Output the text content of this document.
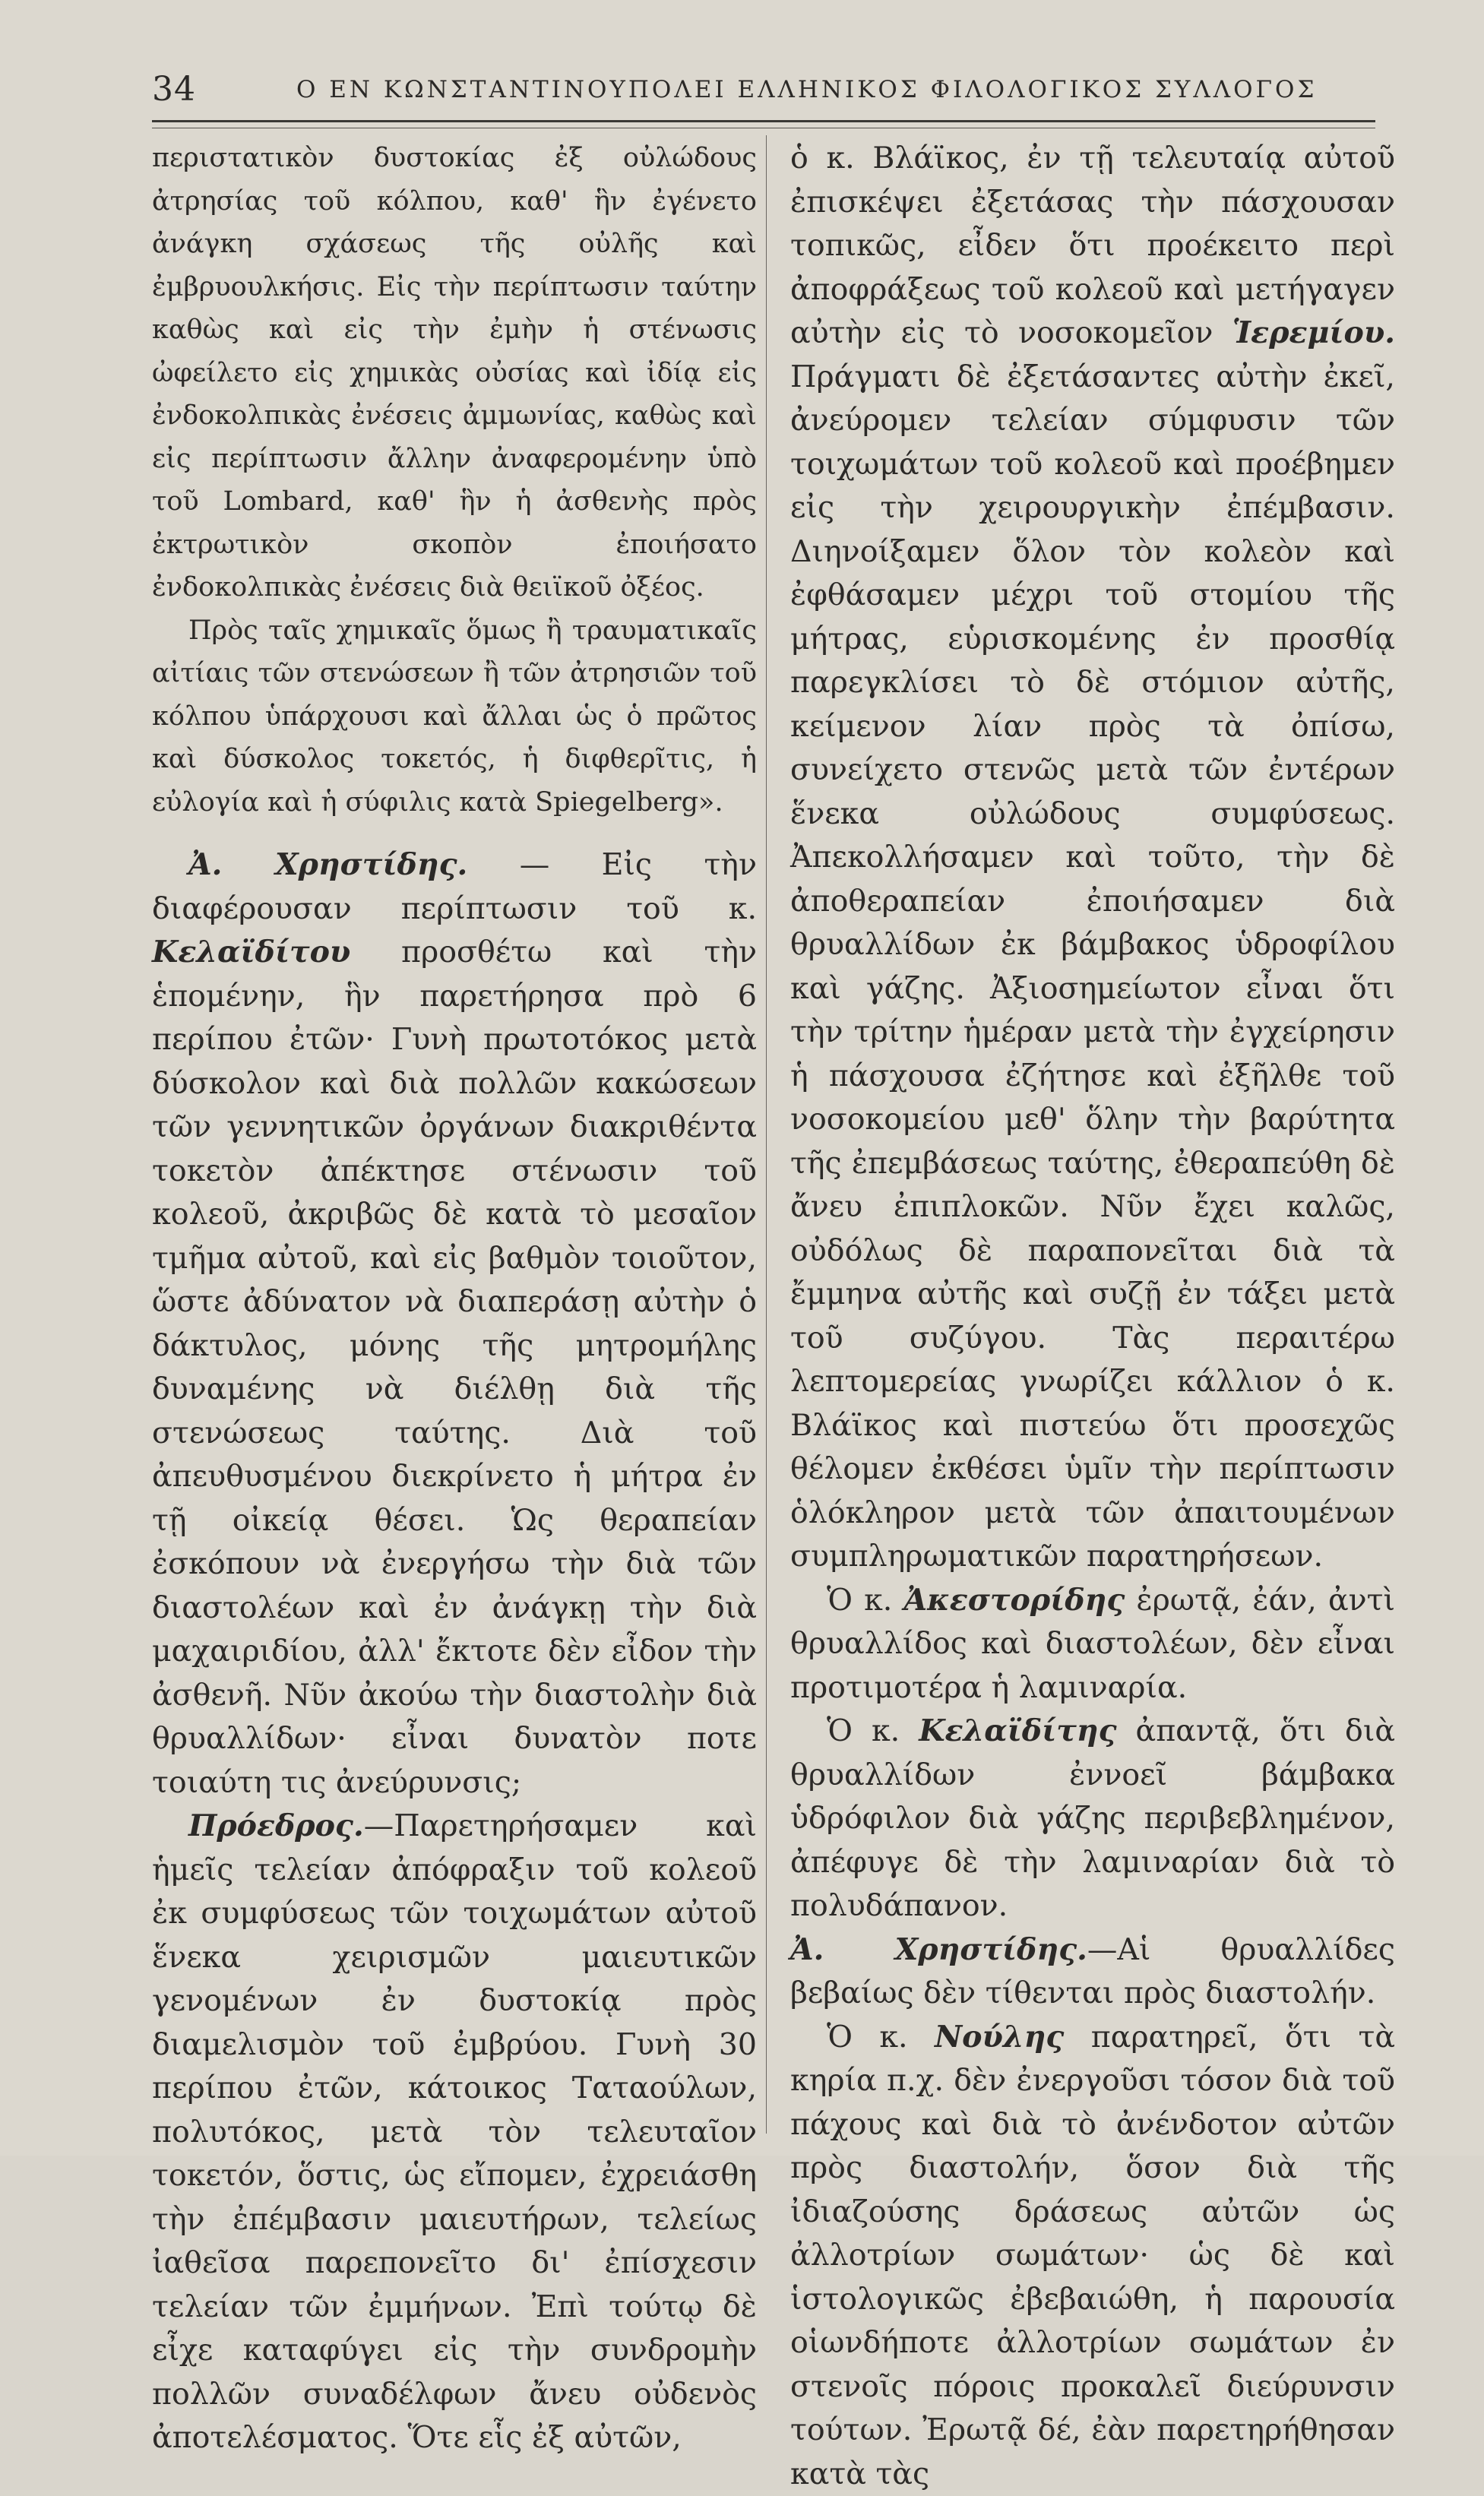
34	Ο ΕΝ ΚΩΝΣΤΑΝΤΙΝΟΥΠΟΛΕΙ ΕΛΛΗΝΙΚΟΣ ΦΙΛΟΛΟΓΙΚΟΣ ΣΥΛΛΟΓΟΣ

περιστατικὸν δυστοκίας ἐξ οὐλώδους ἀτρησίας τοῦ κόλπου, καθ' ἣν ἐγένετο ἀνάγκη σχάσεως τῆς οὐλῆς καὶ ἐμβρυουλκήσις. Εἰς τὴν περίπτωσιν ταύτην καθὼς καὶ εἰς τὴν ἐμὴν ἡ στένωσις ὠφείλετο εἰς χημικὰς οὐσίας καὶ ἰδίᾳ εἰς ἐνδοκολπικὰς ἐνέσεις ἀμμωνίας, καθὼς καὶ εἰς περίπτωσιν ἄλλην ἀναφερομένην ὑπὸ τοῦ Lombard, καθ' ἣν ἡ ἀσθενὴς πρὸς ἐκτρωτικὸν σκοπὸν ἐποιήσατο ἐνδοκολπικὰς ἐνέσεις διὰ θειϊκοῦ ὀξέος.

Πρὸς ταῖς χημικαῖς ὅμως ἢ τραυματικαῖς αἰτίαις τῶν στενώσεων ἢ τῶν ἀτρησιῶν τοῦ κόλπου ὑπάρχουσι καὶ ἄλλαι ὡς ὁ πρῶτος καὶ δύσκολος τοκετός, ἡ διφθερῖτις, ἡ εὐλογία καὶ ἡ σύφιλις κατὰ Spiegelberg».

Ἀ. Χρηστίδης. — Εἰς τὴν διαφέρουσαν περίπτωσιν τοῦ κ. Κελαϊδίτου προσθέτω καὶ τὴν ἑπομένην, ἣν παρετήρησα πρὸ 6 περίπου ἐτῶν· Γυνὴ πρωτοτόκος μετὰ δύσκολον καὶ διὰ πολλῶν κακώσεων τῶν γεννητικῶν ὀργάνων διακριθέντα τοκετὸν ἀπέκτησε στένωσιν τοῦ κολεοῦ, ἀκριβῶς δὲ κατὰ τὸ μεσαῖον τμῆμα αὐτοῦ, καὶ εἰς βαθμὸν τοιοῦτον, ὥστε ἀδύνατον νὰ διαπεράσῃ αὐτὴν ὁ δάκτυλος, μόνης τῆς μητρομήλης δυναμένης νὰ διέλθῃ διὰ τῆς στενώσεως ταύτης. Διὰ τοῦ ἀπευθυσμένου διεκρίνετο ἡ μήτρα ἐν τῇ οἰκείᾳ θέσει. Ὡς θεραπείαν ἐσκόπουν νὰ ἐνεργήσω τὴν διὰ τῶν διαστολέων καὶ ἐν ἀνάγκῃ τὴν διὰ μαχαιριδίου, ἀλλ' ἔκτοτε δὲν εἶδον τὴν ἀσθενῆ. Νῦν ἀκούω τὴν διαστολὴν διὰ θρυαλλίδων· εἶναι δυνατὸν ποτε τοιαύτη τις ἀνεύρυνσις;

Πρόεδρος.—Παρετηρήσαμεν καὶ ἡμεῖς τελείαν ἀπόφραξιν τοῦ κολεοῦ ἐκ συμφύσεως τῶν τοιχωμάτων αὐτοῦ ἕνεκα χειρισμῶν μαιευτικῶν γενομένων ἐν δυστοκίᾳ πρὸς διαμελισμὸν τοῦ ἐμβρύου. Γυνὴ 30 περίπου ἐτῶν, κάτοικος Ταταούλων, πολυτόκος, μετὰ τὸν τελευταῖον τοκετόν, ὅστις, ὡς εἴπομεν, ἐχρειάσθη τὴν ἐπέμβασιν μαιευτήρων, τελείως ἰαθεῖσα παρεπονεῖτο δι' ἐπίσχεσιν τελείαν τῶν ἐμμήνων. Ἐπὶ τούτῳ δὲ εἶχε καταφύγει εἰς τὴν συνδρομὴν πολλῶν συναδέλφων ἄνευ οὐδενὸς ἀποτελέσματος. Ὅτε εἷς ἐξ αὐτῶν,

ὁ κ. Βλάϊκος, ἐν τῇ τελευταίᾳ αὐτοῦ ἐπισκέψει ἐξετάσας τὴν πάσχουσαν τοπικῶς, εἶδεν ὅτι προέκειτο περὶ ἀποφράξεως τοῦ κολεοῦ καὶ μετήγαγεν αὐτὴν εἰς τὸ νοσοκομεῖον Ἱερεμίου. Πράγματι δὲ ἐξετάσαντες αὐτὴν ἐκεῖ, ἀνεύρομεν τελείαν σύμφυσιν τῶν τοιχωμάτων τοῦ κολεοῦ καὶ προέβημεν εἰς τὴν χειρουργικὴν ἐπέμβασιν. Διηνοίξαμεν ὅλον τὸν κολεὸν καὶ ἐφθάσαμεν μέχρι τοῦ στομίου τῆς μήτρας, εὑρισκομένης ἐν προσθίᾳ παρεγκλίσει τὸ δὲ στόμιον αὐτῆς, κείμενον λίαν πρὸς τὰ ὀπίσω, συνείχετο στενῶς μετὰ τῶν ἐντέρων ἕνεκα οὐλώδους συμφύσεως. Ἀπεκολλήσαμεν καὶ τοῦτο, τὴν δὲ ἀποθεραπείαν ἐποιήσαμεν διὰ θρυαλλίδων ἐκ βάμβακος ὑδροφίλου καὶ γάζης. Ἀξιοσημείωτον εἶναι ὅτι τὴν τρίτην ἡμέραν μετὰ τὴν ἐγχείρησιν ἡ πάσχουσα ἐζήτησε καὶ ἐξῆλθε τοῦ νοσοκομείου μεθ' ὅλην τὴν βαρύτητα τῆς ἐπεμβάσεως ταύτης, ἐθεραπεύθη δὲ ἄνευ ἐπιπλοκῶν. Νῦν ἔχει καλῶς, οὐδόλως δὲ παραπονεῖται διὰ τὰ ἔμμηνα αὐτῆς καὶ συζῇ ἐν τάξει μετὰ τοῦ συζύγου. Τὰς περαιτέρω λεπτομερείας γνωρίζει κάλλιον ὁ κ. Βλάϊκος καὶ πιστεύω ὅτι προσεχῶς θέλομεν ἐκθέσει ὑμῖν τὴν περίπτωσιν ὁλόκληρον μετὰ τῶν ἀπαιτουμένων συμπληρωματικῶν παρατηρήσεων.

Ὁ κ. Ἀκεστορίδης ἐρωτᾷ, ἐάν, ἀντὶ θρυαλλίδος καὶ διαστολέων, δὲν εἶναι προτιμοτέρα ἡ λαμιναρία.

Ὁ κ. Κελαϊδίτης ἀπαντᾷ, ὅτι διὰ θρυαλλίδων ἐννοεῖ βάμβακα ὑδρόφιλον διὰ γάζης περιβεβλημένον, ἀπέφυγε δὲ τὴν λαμιναρίαν διὰ τὸ πολυδάπανον.

Ἀ. Χρηστίδης.—Αἱ θρυαλλίδες βεβαίως δὲν τίθενται πρὸς διαστολήν.

Ὁ κ. Νούλης παρατηρεῖ, ὅτι τὰ κηρία π.χ. δὲν ἐνεργοῦσι τόσον διὰ τοῦ πάχους καὶ διὰ τὸ ἀνένδοτον αὐτῶν πρὸς διαστολήν, ὅσον διὰ τῆς ἰδιαζούσης δράσεως αὐτῶν ὡς ἀλλοτρίων σωμάτων· ὡς δὲ καὶ ἱστολογικῶς ἐβεβαιώθη, ἡ παρουσία οἱωνδήποτε ἀλλοτρίων σωμάτων ἐν στενοῖς πόροις προκαλεῖ διεύρυνσιν τούτων. Ἐρωτᾷ δέ, ἐὰν παρετηρήθησαν κατὰ τὰς
